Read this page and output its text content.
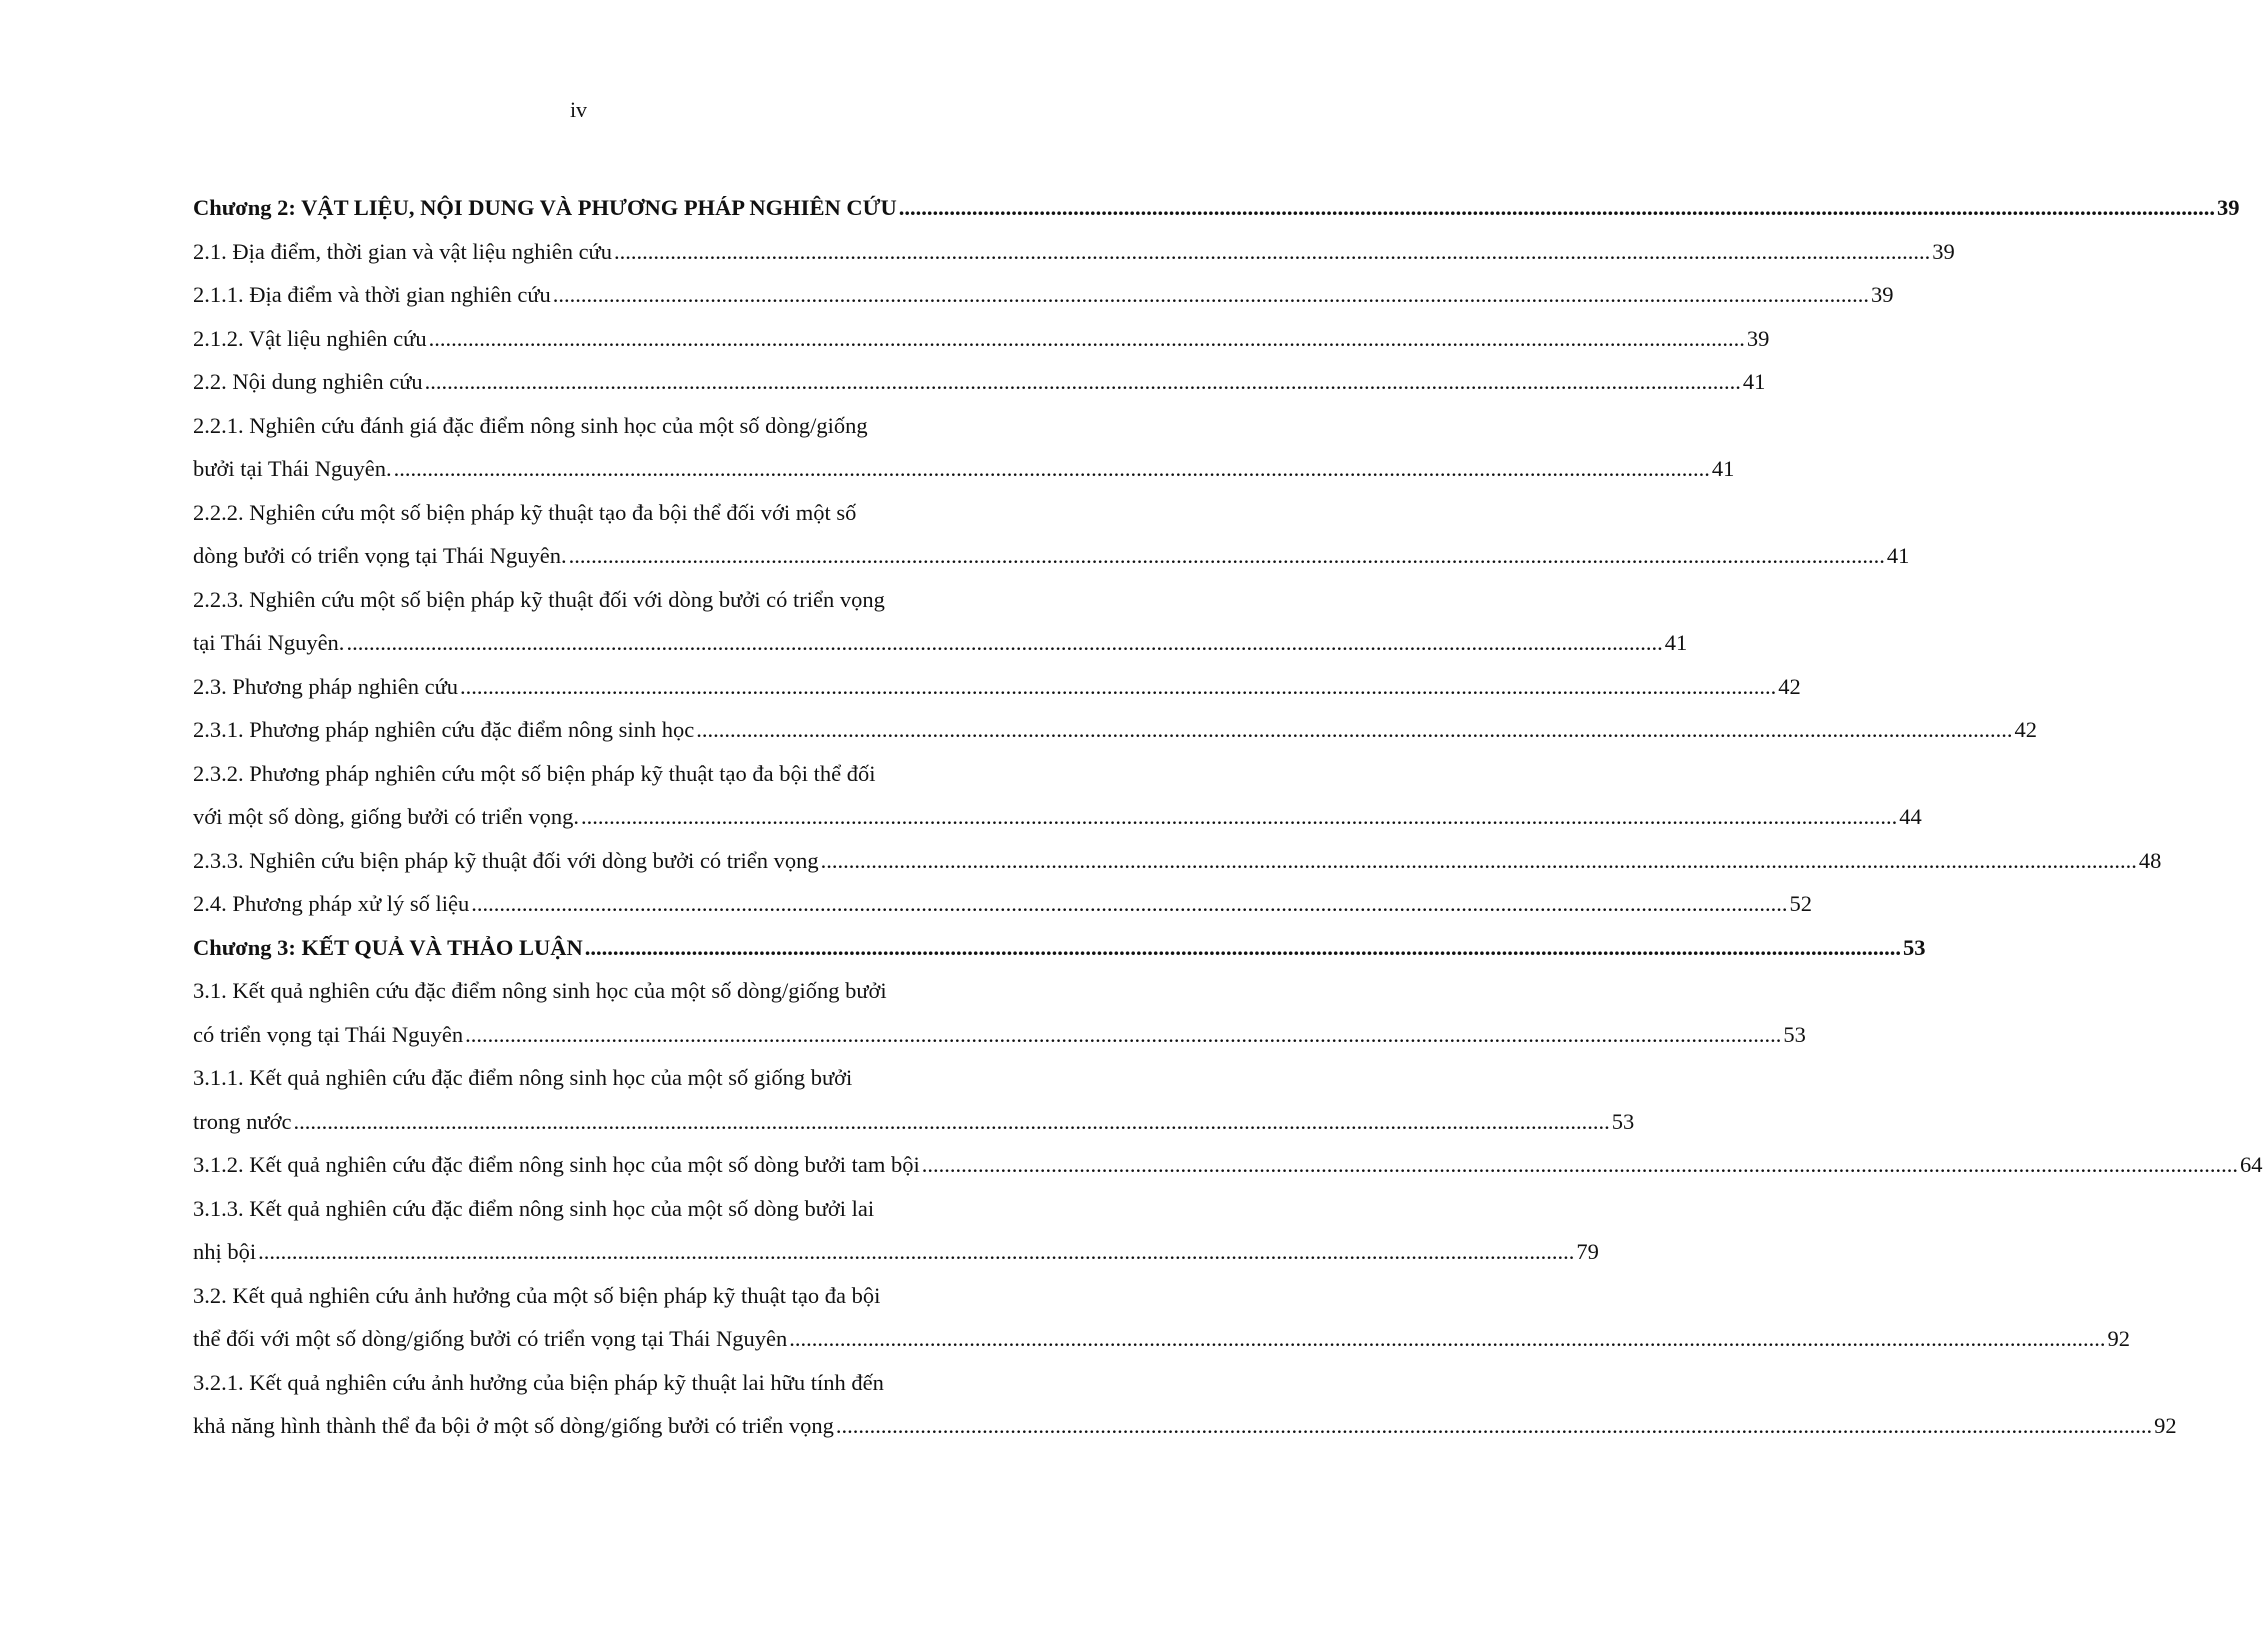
iv
Chương 2: VẬT LIỆU, NỘI DUNG VÀ PHƯƠNG PHÁP NGHIÊN CỨU .....	39
2.1. Địa điểm, thời gian và vật liệu nghiên cứu .....	39
2.1.1. Địa điểm và thời gian nghiên cứu .....	39
2.1.2. Vật liệu nghiên cứu .....	39
2.2. Nội dung nghiên cứu .....	41
2.2.1. Nghiên cứu đánh giá đặc điểm nông sinh học của một số dòng/giống
bưởi tại Thái Nguyên. .....	41
2.2.2. Nghiên cứu một số biện pháp kỹ thuật tạo đa bội thể đối với một số
dòng bưởi có triển vọng tại Thái Nguyên. .....	41
2.2.3. Nghiên cứu một số biện pháp kỹ thuật đối với dòng bưởi có triển vọng
tại Thái Nguyên. .....	41
2.3. Phương pháp nghiên cứu .....	42
2.3.1. Phương pháp nghiên cứu đặc điểm nông sinh học .....	42
2.3.2. Phương pháp nghiên cứu một số biện pháp kỹ thuật tạo đa bội thể đối
với một số dòng, giống bưởi có triển vọng. .....	44
2.3.3. Nghiên cứu biện pháp kỹ thuật đối với dòng bưởi có triển vọng .....	48
2.4. Phương pháp xử lý số liệu .....	52
Chương 3: KẾT QUẢ VÀ THẢO LUẬN .....	53
3.1. Kết quả nghiên cứu đặc điểm nông sinh học của một số dòng/giống bưởi
có triển vọng tại Thái Nguyên .....	53
3.1.1. Kết quả nghiên cứu đặc điểm nông sinh học của một số giống bưởi
trong nước .....	53
3.1.2. Kết quả nghiên cứu đặc điểm nông sinh học của một số dòng bưởi tam bội .....	64
3.1.3. Kết quả nghiên cứu đặc điểm nông sinh học của một số dòng bưởi lai
nhị bội .....	79
3.2. Kết quả nghiên cứu ảnh hưởng của một số biện pháp kỹ thuật tạo đa bội
thể đối với một số dòng/giống bưởi có triển vọng tại Thái Nguyên .....	92
3.2.1. Kết quả nghiên cứu ảnh hưởng của biện pháp kỹ thuật lai hữu tính đến
khả năng hình thành thể đa bội ở một số dòng/giống bưởi có triển vọng .....	92
